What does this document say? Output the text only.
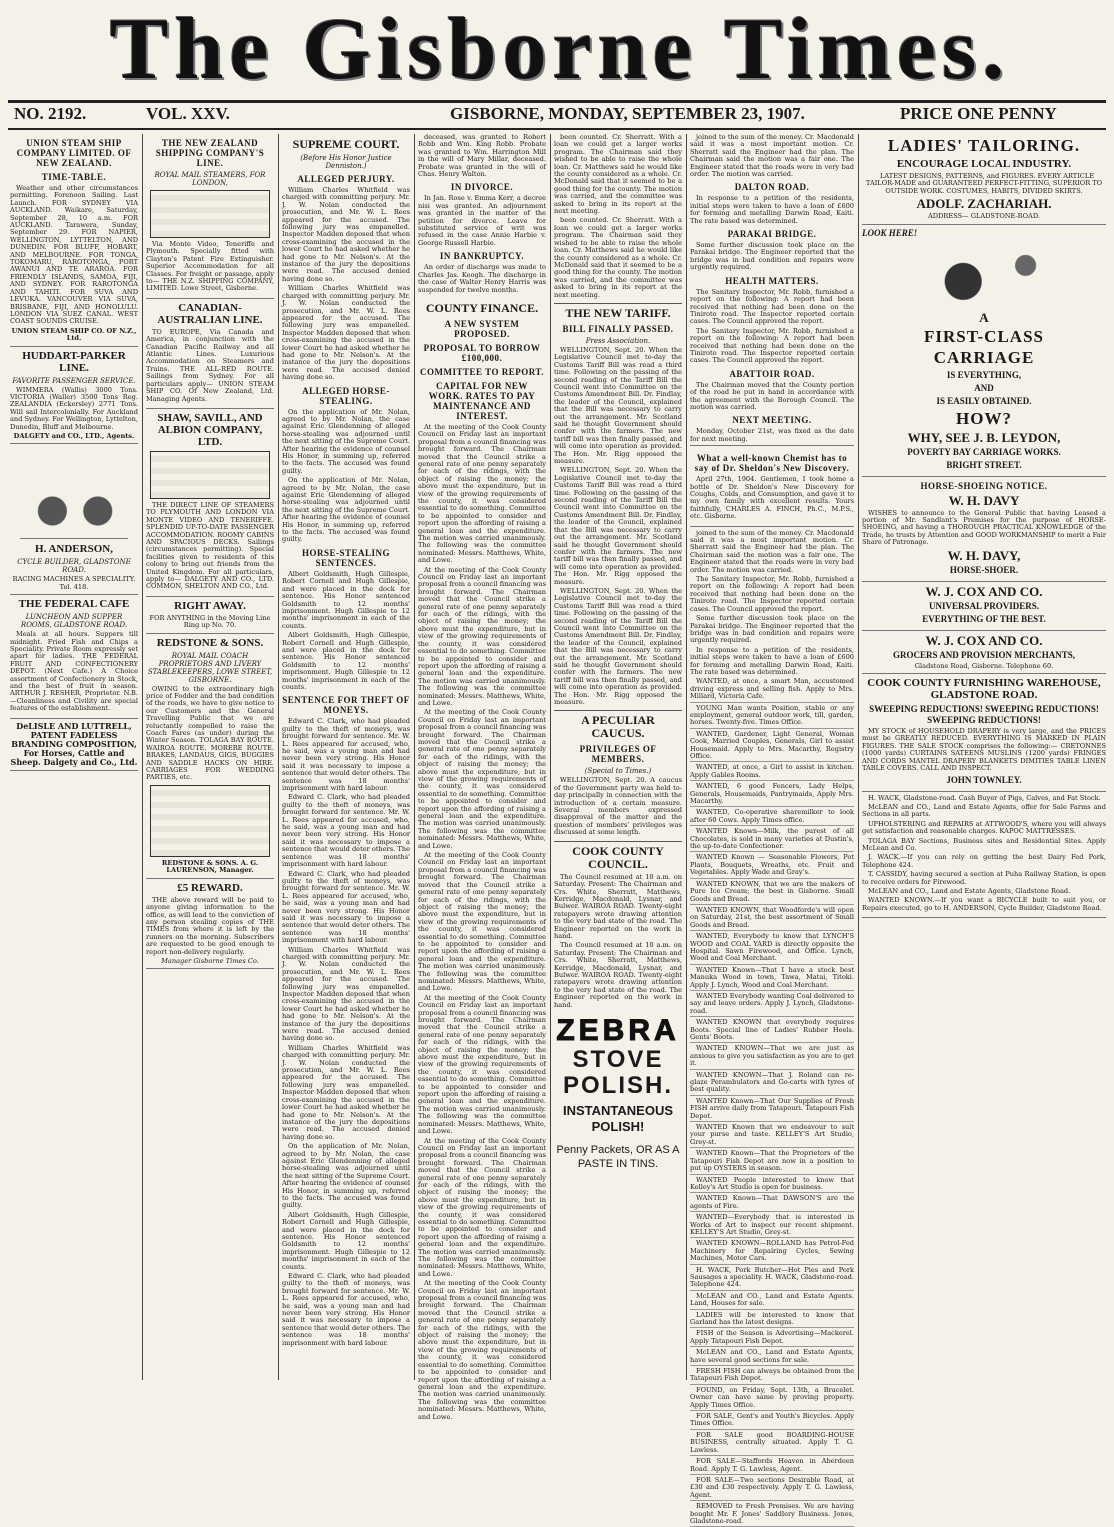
The Gisborne Times.
NO. 2192.	VOL. XXV.	GISBORNE, MONDAY, SEPTEMBER 23, 1907.	PRICE ONE PENNY
UNION STEAM SHIP COMPANY LIMITED. OF NEW ZEALAND.
TIME-TABLE.

Weather and other circumstances permitting. Forenoon Sailing. Last Launch. FOR SYDNEY VIA AUCKLAND. Waikare, Saturday, September 28, 10 a.m. FOR AUCKLAND. Tarawera, Sunday, September 29. FOR NAPIER, WELLINGTON, LYTTELTON, AND DUNEDIN. FOR BLUFF, HOBART, AND MELBOURNE. FOR TONGA, TOKOMARU, RAROTONGA, PORT AWANUI AND TE ARAROA. FOR FRIENDLY ISLANDS, SAMOA, FIJI, AND SYDNEY. FOR RAROTONGA AND TAHITI. FOR SUVA AND LEVUKA. VANCOUVER VIA SUVA, BRISBANE, FIJI, AND HONOLULU. LONDON VIA SUEZ CANAL. WEST COAST SOUNDS CRUISE.

UNION STEAM SHIP CO. OF N.Z., Ltd.
HUDDART-PARKER LINE.
FAVORITE PASSENGER SERVICE.

WIMMERA (Wallis) 3000 Tons. VICTORIA (Waller) 3500 Tons Reg. ZEALANDIA (Eckersley) 2771 Tons. Will sail Intercolonially. For Auckland and Sydney. For Wellington, Lyttelton, Dunedin, Bluff and Melbourne.

DALGETY and CO., LTD., Agents.
H. ANDERSON,
CYCLE BUILDER, GLADSTONE ROAD.
RACING MACHINES A SPECIALITY. Tel. 418.
THE FEDERAL CAFE
LUNCHEON AND SUPPER ROOMS, GLADSTONE ROAD.

Meals at all hours. Suppers till midnight. Fried Fish and Chips a Speciality. Private Room expressly set apart for ladies. THE FEDERAL FRUIT AND CONFECTIONERY DEPOT. (Next Cafe.) A Choice assortment of Confectionery in Stock, and the best of fruit in season. ARTHUR J. RESHER, Proprietor. N.B.—Cleanliness and Civility are special features of the establishment.

DeLISLE AND LUTTRELL, PATENT FADELESS BRANDING COMPOSITION, For Horses, Cattle and Sheep. Dalgety and Co., Ltd.
THE NEW ZEALAND SHIPPING COMPANY'S LINE.
ROYAL MAIL STEAMERS, FOR LONDON,

Via Monte Video, Teneriffe and Plymouth. Specially fitted with Clayton's Patent Fire Extinguisher. Superior Accommodation for all Classes. For freight or passage, apply to— THE N.Z. SHIPPING COMPANY, LIMITED. Lowe Street, Gisborne.

CANADIAN-AUSTRALIAN LINE.

TO EUROPE, Via Canada and America, in conjunction with the Canadian Pacific Railway and all Atlantic Lines. Luxurious Accommodation on Steamers and Trains. THE ALL-RED ROUTE. Sailings from Sydney. For all particulars apply— UNION STEAM SHIP CO. Of New Zealand, Ltd. Managing Agents.

SHAW, SAVILL, AND ALBION COMPANY, LTD.

THE DIRECT LINE OF STEAMERS TO PLYMOUTH AND LONDON VIA MONTE VIDEO AND TENERIFFE. SPLENDID UP-TO-DATE PASSENGER ACCOMMODATION. ROOMY CABINS AND SPACIOUS DECKS. Sailings (circumstances permitting). Special facilities given to residents of this colony to bring out friends from the United Kingdom. For all particulars, apply to— DALGETY AND CO., LTD. COMMON, SHELTON AND CO., Ltd.

RIGHT AWAY.
FOR ANYTHING in the Moving Line Ring up No. 70.
REDSTONE & SONS.
ROYAL MAIL COACH PROPRIETORS AND LIVERY STABLEKEEPERS, LOWE STREET, GISBORNE.

OWING to the extraordinary high price of Fodder and the bad condition of the roads, we have to give notice to our Customers and the General Travelling Public that we are reluctantly compelled to raise the Coach Fares (as under) during the Winter Season. TOLAGA BAY ROUTE. WAIROA ROUTE. MORERE ROUTE. BRAKES, LANDAUS, GIGS, BUGGIES AND SADDLE HACKS ON HIRE. CARRIAGES FOR WEDDING PARTIES, etc.

REDSTONE & SONS. A. G. LAURENSON, Manager.
£5 REWARD.

THE above reward will be paid to anyone giving information to the office, as will lead to the conviction of any person stealing copies of THE TIMES from where it is left by the runners on the morning. Subscribers are requested to be good enough to report non-delivery regularly.

Manager Gisborne Times Co.
SUPREME COURT.
(Before His Honor Justice Denniston.)
ALLEGED PERJURY.

William Charles Whitfield was charged with committing perjury. Mr. J. W. Nolan conducted the prosecution, and Mr. W. L. Rees appeared for the accused. The following jury was empanelled. Inspector Madden deposed that when cross-examining the accused in the lower Court he had asked whether he had gone to Mr. Nelson's. At the instance of the jury the depositions were read. The accused denied having done so.

William Charles Whitfield was charged with committing perjury. Mr. J. W. Nolan conducted the prosecution, and Mr. W. L. Rees appeared for the accused. The following jury was empanelled. Inspector Madden deposed that when cross-examining the accused in the lower Court he had asked whether he had gone to Mr. Nelson's. At the instance of the jury the depositions were read. The accused denied having done so.

ALLEGED HORSE-STEALING.

On the application of Mr. Nolan, agreed to by Mr. Nolan, the case against Eric Glendenning of alleged horse-stealing was adjourned until the next sitting of the Supreme Court. After hearing the evidence of counsel His Honor, in summing up, referred to the facts. The accused was found guilty.

On the application of Mr. Nolan, agreed to by Mr. Nolan, the case against Eric Glendenning of alleged horse-stealing was adjourned until the next sitting of the Supreme Court. After hearing the evidence of counsel His Honor, in summing up, referred to the facts. The accused was found guilty.

HORSE-STEALING SENTENCES.

Albert Goldsmith, Hugh Gillespie, Robert Cornell and Hugh Gillespie, and were placed in the dock for sentence. His Honor sentenced Goldsmith to 12 months' imprisonment. Hugh Gillespie to 12 months' imprisonment in each of the counts.

Albert Goldsmith, Hugh Gillespie, Robert Cornell and Hugh Gillespie, and were placed in the dock for sentence. His Honor sentenced Goldsmith to 12 months' imprisonment. Hugh Gillespie to 12 months' imprisonment in each of the counts.

SENTENCE FOR THEFT OF MONEYS.

Edward C. Clark, who had pleaded guilty to the theft of moneys, was brought forward for sentence. Mr. W. L. Rees appeared for accused, who, he said, was a young man and had never been very strong. His Honor said it was necessary to impose a sentence that would deter others. The sentence was 18 months' imprisonment with hard labour.

Edward C. Clark, who had pleaded guilty to the theft of moneys, was brought forward for sentence. Mr. W. L. Rees appeared for accused, who, he said, was a young man and had never been very strong. His Honor said it was necessary to impose a sentence that would deter others. The sentence was 18 months' imprisonment with hard labour.

Edward C. Clark, who had pleaded guilty to the theft of moneys, was brought forward for sentence. Mr. W. L. Rees appeared for accused, who, he said, was a young man and had never been very strong. His Honor said it was necessary to impose a sentence that would deter others. The sentence was 18 months' imprisonment with hard labour.

William Charles Whitfield was charged with committing perjury. Mr. J. W. Nolan conducted the prosecution, and Mr. W. L. Rees appeared for the accused. The following jury was empanelled. Inspector Madden deposed that when cross-examining the accused in the lower Court he had asked whether he had gone to Mr. Nelson's. At the instance of the jury the depositions were read. The accused denied having done so.

William Charles Whitfield was charged with committing perjury. Mr. J. W. Nolan conducted the prosecution, and Mr. W. L. Rees appeared for the accused. The following jury was empanelled. Inspector Madden deposed that when cross-examining the accused in the lower Court he had asked whether he had gone to Mr. Nelson's. At the instance of the jury the depositions were read. The accused denied having done so.

On the application of Mr. Nolan, agreed to by Mr. Nolan, the case against Eric Glendenning of alleged horse-stealing was adjourned until the next sitting of the Supreme Court. After hearing the evidence of counsel His Honor, in summing up, referred to the facts. The accused was found guilty.

Albert Goldsmith, Hugh Gillespie, Robert Cornell and Hugh Gillespie, and were placed in the dock for sentence. His Honor sentenced Goldsmith to 12 months' imprisonment. Hugh Gillespie to 12 months' imprisonment in each of the counts.

Edward C. Clark, who had pleaded guilty to the theft of moneys, was brought forward for sentence. Mr. W. L. Rees appeared for accused, who, he said, was a young man and had never been very strong. His Honor said it was necessary to impose a sentence that would deter others. The sentence was 18 months' imprisonment with hard labour.

deceased, was granted to Robert Robb and Wm. King Robb. Probate was granted to Wm. Harrington Mill in the will of Mary Millar, deceased. Probate was granted in the will of Chas. Henry Walton.

IN DIVORCE.

In Jan. Rose v. Emma Kerr, a decree nisi was granted. An adjournment was granted in the matter of the petition for divorce. Leave for substituted service of writ was refused in the case Annie Harbie v. George Russell Harbie.

IN BANKRUPTCY.

An order of discharge was made to Charles Jas. Keogh. The discharge in the case of Walter Henry Harris was suspended for twelve months.

COUNTY FINANCE.
A NEW SYSTEM PROPOSED.
PROPOSAL TO BORROW £100,000.
COMMITTEE TO REPORT.
CAPITAL FOR NEW WORK. RATES TO PAY MAINTENANCE AND INTEREST.

At the meeting of the Cook County Council on Friday last an important proposal from a council financing was brought forward. The Chairman moved that the Council strike a general rate of one penny separately for each of the ridings, with the object of raising the money; the above must the expenditure, but in view of the growing requirements of the county, it was considered essential to do something. Committee to be appointed to consider and report upon the affording of raising a general loan and the expenditure. The motion was carried unanimously. The following was the committee nominated: Messrs. Matthews, White, and Lowe.

At the meeting of the Cook County Council on Friday last an important proposal from a council financing was brought forward. The Chairman moved that the Council strike a general rate of one penny separately for each of the ridings, with the object of raising the money; the above must the expenditure, but in view of the growing requirements of the county, it was considered essential to do something. Committee to be appointed to consider and report upon the affording of raising a general loan and the expenditure. The motion was carried unanimously. The following was the committee nominated: Messrs. Matthews, White, and Lowe.

At the meeting of the Cook County Council on Friday last an important proposal from a council financing was brought forward. The Chairman moved that the Council strike a general rate of one penny separately for each of the ridings, with the object of raising the money; the above must the expenditure, but in view of the growing requirements of the county, it was considered essential to do something. Committee to be appointed to consider and report upon the affording of raising a general loan and the expenditure. The motion was carried unanimously. The following was the committee nominated: Messrs. Matthews, White, and Lowe.

At the meeting of the Cook County Council on Friday last an important proposal from a council financing was brought forward. The Chairman moved that the Council strike a general rate of one penny separately for each of the ridings, with the object of raising the money; the above must the expenditure, but in view of the growing requirements of the county, it was considered essential to do something. Committee to be appointed to consider and report upon the affording of raising a general loan and the expenditure. The motion was carried unanimously. The following was the committee nominated: Messrs. Matthews, White, and Lowe.

At the meeting of the Cook County Council on Friday last an important proposal from a council financing was brought forward. The Chairman moved that the Council strike a general rate of one penny separately for each of the ridings, with the object of raising the money; the above must the expenditure, but in view of the growing requirements of the county, it was considered essential to do something. Committee to be appointed to consider and report upon the affording of raising a general loan and the expenditure. The motion was carried unanimously. The following was the committee nominated: Messrs. Matthews, White, and Lowe.

At the meeting of the Cook County Council on Friday last an important proposal from a council financing was brought forward. The Chairman moved that the Council strike a general rate of one penny separately for each of the ridings, with the object of raising the money; the above must the expenditure, but in view of the growing requirements of the county, it was considered essential to do something. Committee to be appointed to consider and report upon the affording of raising a general loan and the expenditure. The motion was carried unanimously. The following was the committee nominated: Messrs. Matthews, White, and Lowe.

At the meeting of the Cook County Council on Friday last an important proposal from a council financing was brought forward. The Chairman moved that the Council strike a general rate of one penny separately for each of the ridings, with the object of raising the money; the above must the expenditure, but in view of the growing requirements of the county, it was considered essential to do something. Committee to be appointed to consider and report upon the affording of raising a general loan and the expenditure. The motion was carried unanimously. The following was the committee nominated: Messrs. Matthews, White, and Lowe.

been counted. Cr. Sherratt. With a loan we could get a larger works program. The Chairman said they wished to be able to raise the whole loan. Cr. Matthews said he would like the county considered as a whole. Cr. McDonald said that it seemed to be a good thing for the county. The motion was carried, and the committee was asked to bring in its report at the next meeting.

been counted. Cr. Sherratt. With a loan we could get a larger works program. The Chairman said they wished to be able to raise the whole loan. Cr. Matthews said he would like the county considered as a whole. Cr. McDonald said that it seemed to be a good thing for the county. The motion was carried, and the committee was asked to bring in its report at the next meeting.

THE NEW TARIFF.
BILL FINALLY PASSED.
Press Association.

WELLINGTON, Sept. 20. When the Legislative Council met to-day the Customs Tariff Bill was read a third time. Following on the passing of the second reading of the Tariff Bill the Council went into Committee on the Customs Amendment Bill. Dr. Findlay, the leader of the Council, explained that the Bill was necessary to carry out the arrangement. Mr. Scotland said he thought Government should confer with the farmers. The new tariff bill was then finally passed, and will come into operation as provided. The Hon. Mr. Rigg opposed the measure.

WELLINGTON, Sept. 20. When the Legislative Council met to-day the Customs Tariff Bill was read a third time. Following on the passing of the second reading of the Tariff Bill the Council went into Committee on the Customs Amendment Bill. Dr. Findlay, the leader of the Council, explained that the Bill was necessary to carry out the arrangement. Mr. Scotland said he thought Government should confer with the farmers. The new tariff bill was then finally passed, and will come into operation as provided. The Hon. Mr. Rigg opposed the measure.

WELLINGTON, Sept. 20. When the Legislative Council met to-day the Customs Tariff Bill was read a third time. Following on the passing of the second reading of the Tariff Bill the Council went into Committee on the Customs Amendment Bill. Dr. Findlay, the leader of the Council, explained that the Bill was necessary to carry out the arrangement. Mr. Scotland said he thought Government should confer with the farmers. The new tariff bill was then finally passed, and will come into operation as provided. The Hon. Mr. Rigg opposed the measure.

A PECULIAR CAUCUS.
PRIVILEGES OF MEMBERS.
(Special to Times.)

WELLINGTON, Sept. 20. A caucus of the Government party was held to-day principally in connection with the introduction of a certain measure. Several members expressed disapproval of the matter and the question of members' privileges was discussed at some length.

COOK COUNTY COUNCIL.

The Council resumed at 10 a.m. on Saturday. Present: The Chairman and Crs. White, Sherratt, Matthews, Kerridge, Macdonald, Lysnar, and Bulwer. WAIROA ROAD. Twenty-eight ratepayers wrote drawing attention to the very bad state of the road. The Engineer reported on the work in hand.

The Council resumed at 10 a.m. on Saturday. Present: The Chairman and Crs. White, Sherratt, Matthews, Kerridge, Macdonald, Lysnar, and Bulwer. WAIROA ROAD. Twenty-eight ratepayers wrote drawing attention to the very bad state of the road. The Engineer reported on the work in hand.

ZEBRA
STOVE POLISH.
INSTANTANEOUS POLISH!
Penny Packets, OR AS A PASTE IN TINS.

joined to the sum of the money. Cr. Macdonald said it was a most important motion. Cr. Sherratt said the Engineer had the plan. The Chairman said the motion was a fair one. The Engineer stated that the roads were in very bad order. The motion was carried.

DALTON ROAD.

In response to a petition of the residents, initial steps were taken to have a loan of £600 for forming and metalling Darwin Road, Kaiti. The rate based was determined.

PARAKAI BRIDGE.

Some further discussion took place on the Parakai bridge. The Engineer reported that the bridge was in bad condition and repairs were urgently required.

HEALTH MATTERS.

The Sanitary Inspector, Mr. Robb, furnished a report on the following: A report had been received that nothing had been done on the Tiniroto road. The Inspector reported certain cases. The Council approved the report.

The Sanitary Inspector, Mr. Robb, furnished a report on the following: A report had been received that nothing had been done on the Tiniroto road. The Inspector reported certain cases. The Council approved the report.

ABATTOIR ROAD.

The Chairman moved that the County portion of the road be put in hand in accordance with the agreement with the Borough Council. The motion was carried.

NEXT MEETING.

Monday, October 21st, was fixed as the date for next meeting.

What a well-known Chemist has to say of Dr. Sheldon's New Discovery.

April 27th, 1904. Gentlemen, I took home a bottle of Dr. Sheldon's New Discovery for Coughs, Colds, and Consumption, and gave it to my own family with excellent results. Yours faithfully, CHARLES A. FINCH, Ph.C., M.P.S., etc. Gisborne.

joined to the sum of the money. Cr. Macdonald said it was a most important motion. Cr. Sherratt said the Engineer had the plan. The Chairman said the motion was a fair one. The Engineer stated that the roads were in very bad order. The motion was carried.

The Sanitary Inspector, Mr. Robb, furnished a report on the following: A report had been received that nothing had been done on the Tiniroto road. The Inspector reported certain cases. The Council approved the report.

Some further discussion took place on the Parakai bridge. The Engineer reported that the bridge was in bad condition and repairs were urgently required.

In response to a petition of the residents, initial steps were taken to have a loan of £600 for forming and metalling Darwin Road, Kaiti. The rate based was determined.

WANTED, at once, a smart Man, accustomed driving express and selling fish. Apply to Mrs. Millard, Victoria Cafe.

YOUNG Man wants Position, stable or any employment, general outdoor work, till, garden, horses. Twenty-five. Times Office.

WANTED, Gardener, Light General, Woman Cook, Married Couples, Generals, Girl to assist Housemaid. Apply to Mrs. Macarthy, Registry Office.

WANTED, at once, a Girl to assist in kitchen. Apply Gables Rooms.

WANTED, 6 good Fencers, Lady Helps, Generals, Housemaids, Pantrymaids, Apply Mrs. Macarthy.

WANTED, Co-operative sharemilker to look after 60 Cows. Apply Times office.

WANTED Known—Milk, the purest of all Chocolates, is sold in many varieties at Dustin's, the up-to-date Confectioner.

WANTED Known — Seasonable Flowers, Pot Plants, Bouquets, Wreaths, etc. Fruit and Vegetables. Apply Wade and Gray's.

WANTED KNOWN, that we are the makers of Pure Ice Cream; the best in Gisborne. Small Goods and Bread.

WANTED KNOWN, that Woodforde's will open on Saturday, 21st, the best assortment of Small Goods and Bread.

WANTED, Everybody to know that LYNCH'S WOOD and COAL YARD is directly opposite the Hospital. Sawn Firewood, and Office. Lynch, Wood and Coal Merchant.

WANTED Known—That I have a stock best Manuka Wood in town, Tawa, Matai, Titoki. Apply J. Lynch, Wood and Coal Merchant.

WANTED Everybody wanting Coal delivered to say and leave orders. Apply J. Lynch, Gladstone-road.

WANTED KNOWN that everybody requires Boots. Special line of Ladies' Rubber Heels. Gents' Boots.

WANTED KNOWN—That we are just as anxious to give you satisfaction as you are to get it.

WANTED KNOWN—That J. Roland can re-glaze Perambulators and Go-carts with tyres of best quality.

WANTED Known—That Our Supplies of Fresh FISH arrive daily from Tatapouri. Tatapouri Fish Depot.

WANTED Known that we endeavour to suit your purse and taste. KELLEY'S Art Studio, Grey-st.

WANTED Known—That the Proprietors of the Tatapouri Fish Depot are now in a position to put up OYSTERS in season.

WANTED People interested to know that Kelley's Art Studio is open for business.

WANTED Known—That DAWSON'S are the agents of Fire.

WANTED—Everybody that is interested in Works of Art to inspect our recent shipment. KELLEY'S Art Studio, Grey-st.

WANTED KNOWN—ROLLAND has Petrol-Fed Machinery for Repairing Cycles, Sewing Machines, Motor Cars.

H. WACK, Pork Butcher—Hot Pies and Pork Sausages a speciality. H. WACK, Gladstone-road. Telephone 424.

McLEAN and CO., Land and Estate Agents. Land, Houses for sale.

LADIES will be interested to know that Garland has the latest designs.

FISH of the Season is Advertising—Mackerel. Apply Tatapouri Fish Depot.

McLEAN and CO., Land and Estate Agents, have several good sections for sale.

FRESH FISH can always be obtained from the Tatapouri Fish Depot.

FOUND, on Friday, Sept. 13th, a Bracelet. Owner can have same by proving property. Apply Times Office.

FOR SALE, Gent's and Youth's Bicycles. Apply Times Office.

FOR SALE good BOARDING-HOUSE BUSINESS, centrally situated. Apply T. G. Lawless.

FOR SALE—Staffords Heaven in Aberdeen Road. Apply T. G. Lawless, Agent.

FOR SALE—Two sections Desirable Road, at £30 and £30 respectively. Apply T. G. Lawless, Agent.

REMOVED to Fresh Premises. We are having bought Mr. F. Jones' Saddlery Business. Jones, Gladstone-road.

LADIES' TAILORING.
ENCOURAGE LOCAL INDUSTRY.

LATEST DESIGNS, PATTERNS, and FIGURES. EVERY ARTICLE TAILOR-MADE and GUARANTEED PERFECT-FITTING, SUPERIOR TO OUTSIDE WORK. COSTUMES, HABITS, DIVIDED SKIRTS.

ADOLF. ZACHARIAH.
ADDRESS— GLADSTONE-ROAD.
LOOK HERE!
A
FIRST-CLASS
CARRIAGE
IS EVERYTHING,
AND
IS EASILY OBTAINED.
HOW?
WHY, SEE J. B. LEYDON,
POVERTY BAY CARRIAGE WORKS.
BRIGHT STREET.
HORSE-SHOEING NOTICE.
W. H. DAVY

WISHES to announce to the General Public that having Leased a portion of Mr. Sandlant's Premises for the purpose of HORSE-SHOEING, and having a THOROUGH PRACTICAL KNOWLEDGE of the Trade, he trusts by Attention and GOOD WORKMANSHIP to merit a Fair Share of Patronage.

W. H. DAVY,
HORSE-SHOER.
W. J. COX AND CO.
UNIVERSAL PROVIDERS.
EVERYTHING OF THE BEST.
W. J. COX AND CO.
GROCERS AND PROVISION MERCHANTS,
Gladstone Road, Gisborne. Telephone 60.
COOK COUNTY FURNISHING WAREHOUSE, GLADSTONE ROAD.
SWEEPING REDUCTIONS! SWEEPING REDUCTIONS! SWEEPING REDUCTIONS!

MY STOCK of HOUSEHOLD DRAPERY is very large, and the PRICES must be GREATLY REDUCED. EVERYTHING IS MARKED IN PLAIN FIGURES. THE SALE STOCK comprises the following:— CRETONNES (1000 yards) CURTAINS SATEENS MUSLINS (1200 yards) FRINGES AND CORDS MANTEL DRAPERY BLANKETS DIMITIES TABLE LINEN TABLE COVERS. CALL AND INSPECT.

JOHN TOWNLEY.

H. WACK, Gladstone-road. Cash Buyer of Pigs, Calves, and Fat Stock.

McLEAN and CO., Land and Estate Agents, offer for Sale Farms and Sections in all parts.

UPHOLSTERING and REPAIRS at ATTWOOD'S, where you will always get satisfaction and reasonable charges. KAPOC MATTRESSES.

TOLAGA BAY Sections, Business sites and Residential Sites. Apply McLean and Co.

J. WACK.—If you can rely on getting the best Dairy Fed Pork, Telephone 424.

T. CASSIDY, having secured a section at Puha Railway Station, is open to receive orders for Firewood.

McLEAN and CO., Land and Estate Agents, Gladstone Road.

WANTED KNOWN.—If you want a BICYCLE built to suit you, or Repairs executed, go to H. ANDERSON, Cycle Builder, Gladstone Road.
